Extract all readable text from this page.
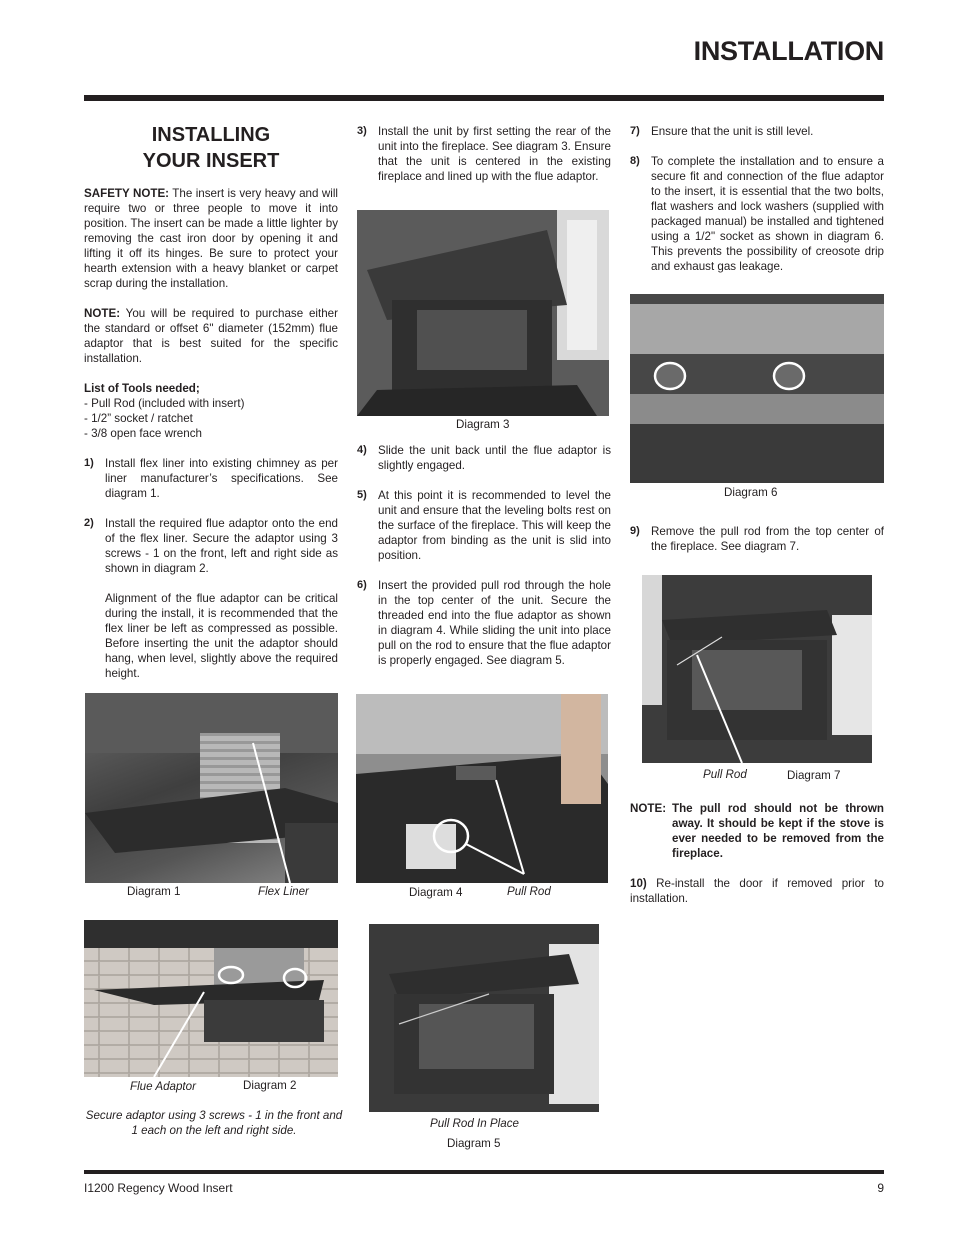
INSTALLATION
INSTALLING
YOUR INSERT
SAFETY NOTE: The insert is very heavy and will require two or three people to move it into position. The insert can be made a little lighter by removing the cast iron door by opening it and lifting it off its hinges. Be sure to protect your hearth extension with a heavy blanket or carpet scrap during the installation.
NOTE: You will be required to purchase either the standard or offset 6" diameter (152mm) flue adaptor that is best suited for the specific installation.
List of Tools needed;
- Pull Rod (included with insert)
- 1/2” socket / ratchet
- 3/8 open face wrench
1) Install flex liner into existing chimney as per liner manufacturer’s specifications. See diagram 1.
2) Install the required flue adaptor onto the end of the flex liner. Secure the adaptor using 3 screws - 1 on the front, left and right side as shown in diagram 2.
Alignment of the flue adaptor can be critical during the install, it is recommended that the flex liner be left as compressed as possible. Before inserting the unit the adaptor should hang, when level, slightly above the required height.
3) Install the unit by first setting the rear of the unit into the fireplace. See diagram 3. Ensure that the unit is centered in the existing fireplace and lined up with the flue adaptor.
4) Slide the unit back until the flue adaptor is slightly engaged.
5) At this point it is recommended to level the unit and ensure that the leveling bolts rest on the surface of the fireplace. This will keep the adaptor from binding as the unit is slid into position.
6) Insert the provided pull rod through the hole in the top center of the unit. Secure the threaded end into the flue adaptor as shown in diagram 4. While sliding the unit into place pull on the rod to ensure that the flue adaptor is properly engaged. See diagram 5.
7) Ensure that the unit is still level.
8) To complete the installation and to ensure a secure fit and connection of the flue adaptor to the insert, it is essential that the two bolts, flat washers and lock washers (supplied with packaged manual) be installed and tightened using a 1/2" socket as shown in diagram 6. This prevents the possibility of creosote drip and exhaust gas leakage.
9) Remove the pull rod from the top center of the fireplace. See diagram 7.
NOTE: The pull rod should not be thrown away. It should be kept if the stove is ever needed to be removed from the fireplace.
10) Re-install the door if removed prior to installation.
Diagram 1	Flex Liner
Flue Adaptor	Diagram 2
Secure adaptor using 3 screws - 1 in the front and 1 each on the left and right side.
Diagram 3
Diagram 4	Pull Rod
Pull Rod In Place
Diagram 5
Diagram 6
Pull Rod	Diagram 7
I1200 Regency Wood Insert	9
